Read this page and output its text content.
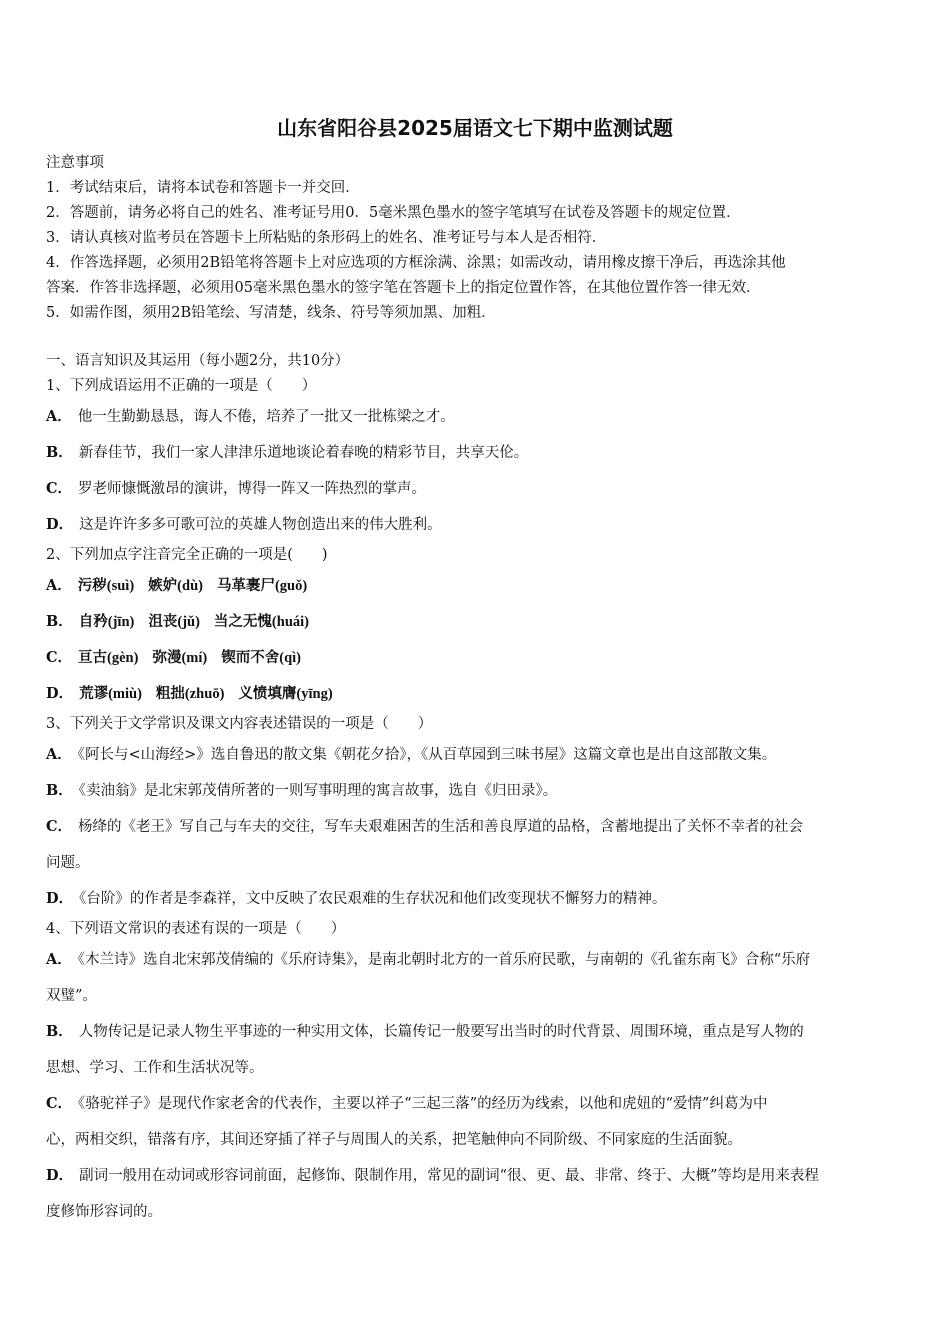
山东省阳谷县2025届语文七下期中监测试题
注意事项
1．考试结束后，请将本试卷和答题卡一并交回．
2．答题前，请务必将自己的姓名、准考证号用0．5毫米黑色墨水的签字笔填写在试卷及答题卡的规定位置．
3．请认真核对监考员在答题卡上所粘贴的条形码上的姓名、准考证号与本人是否相符．
4．作答选择题，必须用2B铅笔将答题卡上对应选项的方框涂满、涂黑；如需改动，请用橡皮擦干净后，再选涂其他
答案．作答非选择题，必须用05毫米黑色墨水的签字笔在答题卡上的指定位置作答，在其他位置作答一律无效．
5．如需作图，须用2B铅笔绘、写清楚，线条、符号等须加黑、加粗．
一、语言知识及其运用（每小题2分，共10分）
1、下列成语运用不正确的一项是（　　）
A． 他一生勤勤恳恳，诲人不倦，培养了一批又一批栋梁之才。
B． 新春佳节，我们一家人津津乐道地谈论着春晚的精彩节目，共享天伦。
C． 罗老师慷慨激昂的演讲，博得一阵又一阵热烈的掌声。
D． 这是许许多多可歌可泣的英雄人物创造出来的伟大胜利。
2、下列加点字注音完全正确的一项是(　　)
A． 污秽(suì) 嫉妒(dù) 马革裹尸(guǒ)
B． 自矜(jīn) 沮丧(jǔ) 当之无愧(huái)
C． 亘古(gèn) 弥漫(mí) 锲而不舍(qì)
D． 荒谬(miù) 粗拙(zhuō) 义愤填膺(yīng)
3、下列关于文学常识及课文内容表述错误的一项是（　　）
A． 《阿长与<山海经>》选自鲁迅的散文集《朝花夕拾》，《从百草园到三味书屋》这篇文章也是出自这部散文集。
B． 《卖油翁》是北宋郭茂倩所著的一则写事明理的寓言故事，选自《归田录》。
C． 杨绛的《老王》写自己与车夫的交往，写车夫艰难困苦的生活和善良厚道的品格，含蓄地提出了关怀不幸者的社会
问题。
D． 《台阶》的作者是李森祥，文中反映了农民艰难的生存状况和他们改变现状不懈努力的精神。
4、下列语文常识的表述有误的一项是（　　）
A． 《木兰诗》选自北宋郭茂倩编的《乐府诗集》，是南北朝时北方的一首乐府民歌，与南朝的《孔雀东南飞》合称“乐府
双璧”。
B． 人物传记是记录人物生平事迹的一种实用文体，长篇传记一般要写出当时的时代背景、周围环境，重点是写人物的
思想、学习、工作和生活状况等。
C． 《骆驼祥子》是现代作家老舍的代表作，主要以祥子“三起三落”的经历为线索，以他和虎妞的“爱情”纠葛为中
心，两相交织，错落有序，其间还穿插了祥子与周围人的关系，把笔触伸向不同阶级、不同家庭的生活面貌。
D． 副词一般用在动词或形容词前面，起修饰、限制作用，常见的副词“很、更、最、非常、终于、大概”等均是用来表程
度修饰形容词的。
